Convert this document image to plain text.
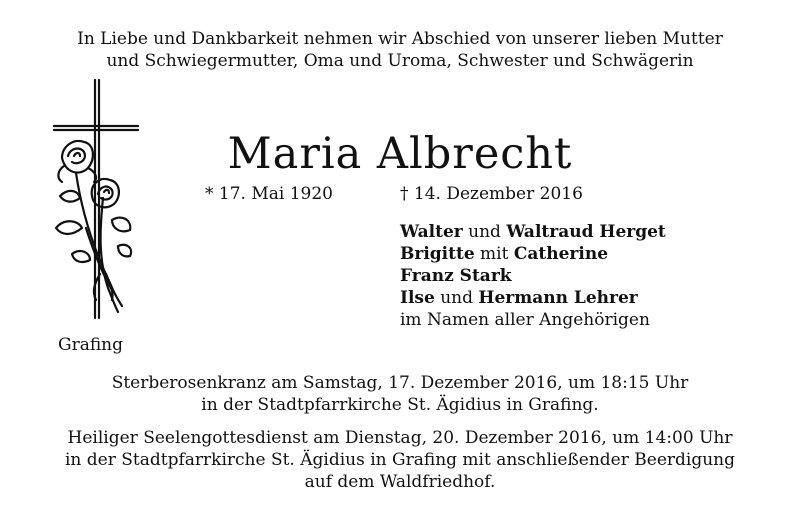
In Liebe und Dankbarkeit nehmen wir Abschied von unserer lieben Mutter
und Schwiegermutter, Oma und Uroma, Schwester und Schwägerin
Maria Albrecht
* 17. Mai 1920	† 14. Dezember 2016
Walter und Waltraud Herget
Brigitte mit Catherine
Franz Stark
Ilse und Hermann Lehrer
im Namen aller Angehörigen
Grafing
Sterberosenkranz am Samstag, 17. Dezember 2016, um 18:15 Uhr
in der Stadtpfarrkirche St. Ägidius in Grafing.
Heiliger Seelengottesdienst am Dienstag, 20. Dezember 2016, um 14:00 Uhr
in der Stadtpfarrkirche St. Ägidius in Grafing mit anschließender Beerdigung
auf dem Waldfriedhof.
